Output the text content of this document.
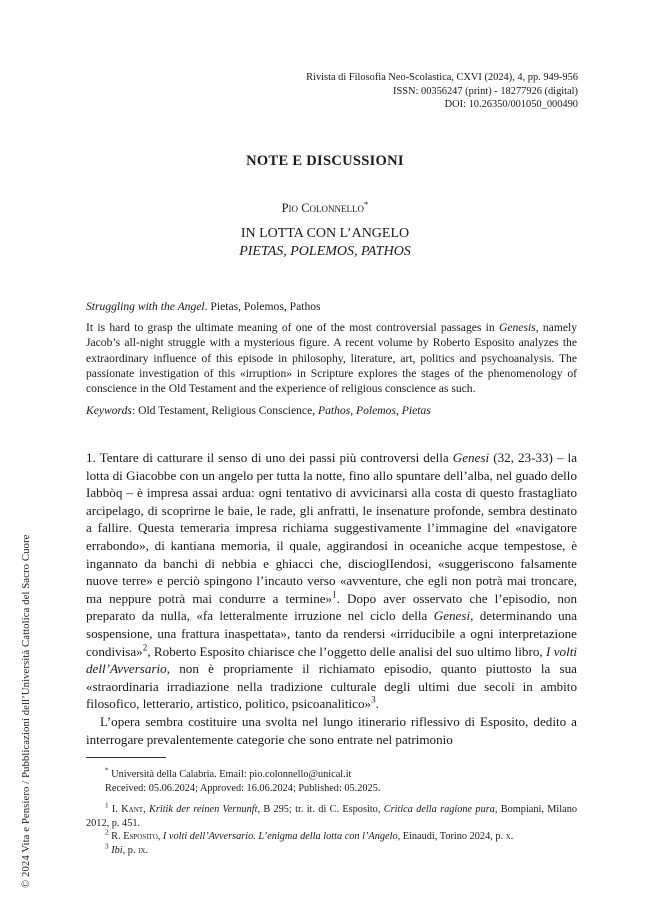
© 2024 Vita e Pensiero / Pubblicazioni dell’Università Cattolica del Sacro Cuore
Rivista di Filosofia Neo-Scolastica, CXVI (2024), 4, pp. 949-956
ISSN: 00356247 (print) - 18277926 (digital)
DOI: 10.26350/001050_000490
NOTE E DISCUSSIONI
Pio Colonnello*
IN LOTTA CON L’ANGELO
PIETAS, POLEMOS, PATHOS

Struggling with the Angel. Pietas, Polemos, Pathos

It is hard to grasp the ultimate meaning of one of the most controversial passages in Genesis, namely Jacob’s all-night struggle with a mysterious figure. A recent volume by Roberto Esposito analyzes the extraordinary influence of this episode in philosophy, literature, art, politics and psychoanalysis. The passionate investigation of this «irruption» in Scripture explores the stages of the phenomenology of conscience in the Old Testament and the experience of religious conscience as such.

Keywords: Old Testament, Religious Conscience, Pathos, Polemos, Pietas

1. Tentare di catturare il senso di uno dei passi più controversi della Genesi (32, 23-33) – la lotta di Giacobbe con un angelo per tutta la notte, fino allo spuntare dell’alba, nel guado dello Iabbòq – è impresa assai ardua: ogni tentativo di avvicinarsi alla costa di questo frastagliato arcipelago, di scoprirne le baie, le rade, gli anfratti, le insenature profonde, sembra destinato a fallire. Questa temeraria impresa richiama suggestivamente l’immagine del «navigatore errabondo», di kantiana memoria, il quale, aggirandosi in oceaniche acque tempestose, è ingannato da banchi di nebbia e ghiacci che, discioglIendosi, «suggeriscono falsamente nuove terre» e perciò spingono l’incauto verso «avventure, che egli non potrà mai troncare, ma neppure potrà mai condurre a termine»$^1$. Dopo aver osservato che l’episodio, non preparato da nulla, «fa letteralmente irruzione nel ciclo della Genesi, determinando una sospensione, una frattura inaspettata», tanto da rendersi «irriducibile a ogni interpretazione condivisa»$^2$, Roberto Esposito chiarisce che l’oggetto delle analisi del suo ultimo libro, I volti dell’Avversario, non è propriamente il richiamato episodio, quanto piuttosto la sua «straordinaria irradiazione nella tradizione culturale degli ultimi due secoli in ambito filosofico, letterario, artistico, politico, psicoanalitico»$^3$.

L’opera sembra costituire una svolta nel lungo itinerario riflessivo di Esposito, dedito a interrogare prevalentemente categorie che sono entrate nel patrimonio

* Università della Calabria. Email: pio.colonnello@unical.it

Received: 05.06.2024; Approved: 16.06.2024; Published: 05.2025.

$^1$ I. Kant, Kritik der reinen Vernunft, B 295; tr. it. di C. Esposito, Critica della ragione pura, Bompiani, Milano 2012, p. 451.

$^2$ R. Esposito, I volti dell’Avversario. L’enigma della lotta con l’Angelo, Einaudi, Torino 2024, p. x.

$^3$ Ibi, p. ix.
